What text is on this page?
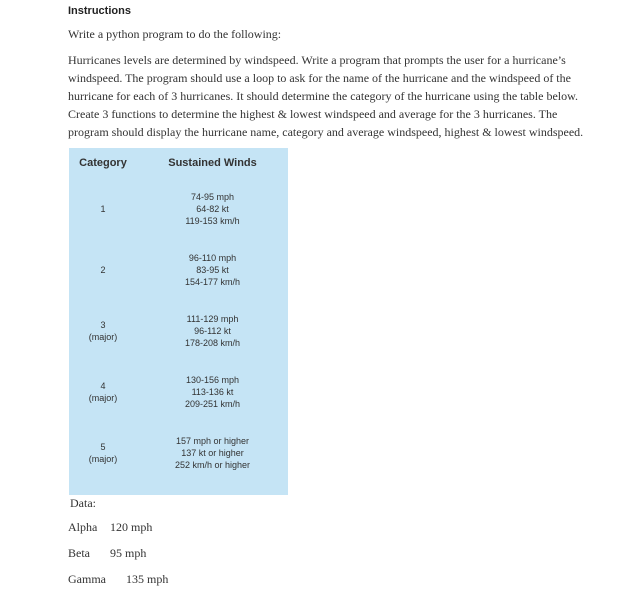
Instructions
Write a python program to do the following:

Hurricanes levels are determined by windspeed. Write a program that prompts the user for a hurricane’s

windspeed. The program should use a loop to ask for the name of the hurricane and the windspeed of the

hurricane for each of 3 hurricanes. It should determine the category of the hurricane using the table below.

Create 3 functions to determine the highest & lowest windspeed and average for the 3 hurricanes. The

program should display the hurricane name, category and average windspeed, highest & lowest windspeed.

Category	Sustained Winds

1	74-95 mph
64-82 kt
119-153 km/h

2	96-110 mph
83-95 kt
154-177 km/h

3
(major)	111-129 mph
96-112 kt
178-208 km/h

4
(major)	130-156 mph
113-136 kt
209-251 km/h

5
(major)	157 mph or higher
137 kt or higher
252 km/h or higher
Data:
Alpha 120 mph
Beta 95 mph
Gamma 135 mph
